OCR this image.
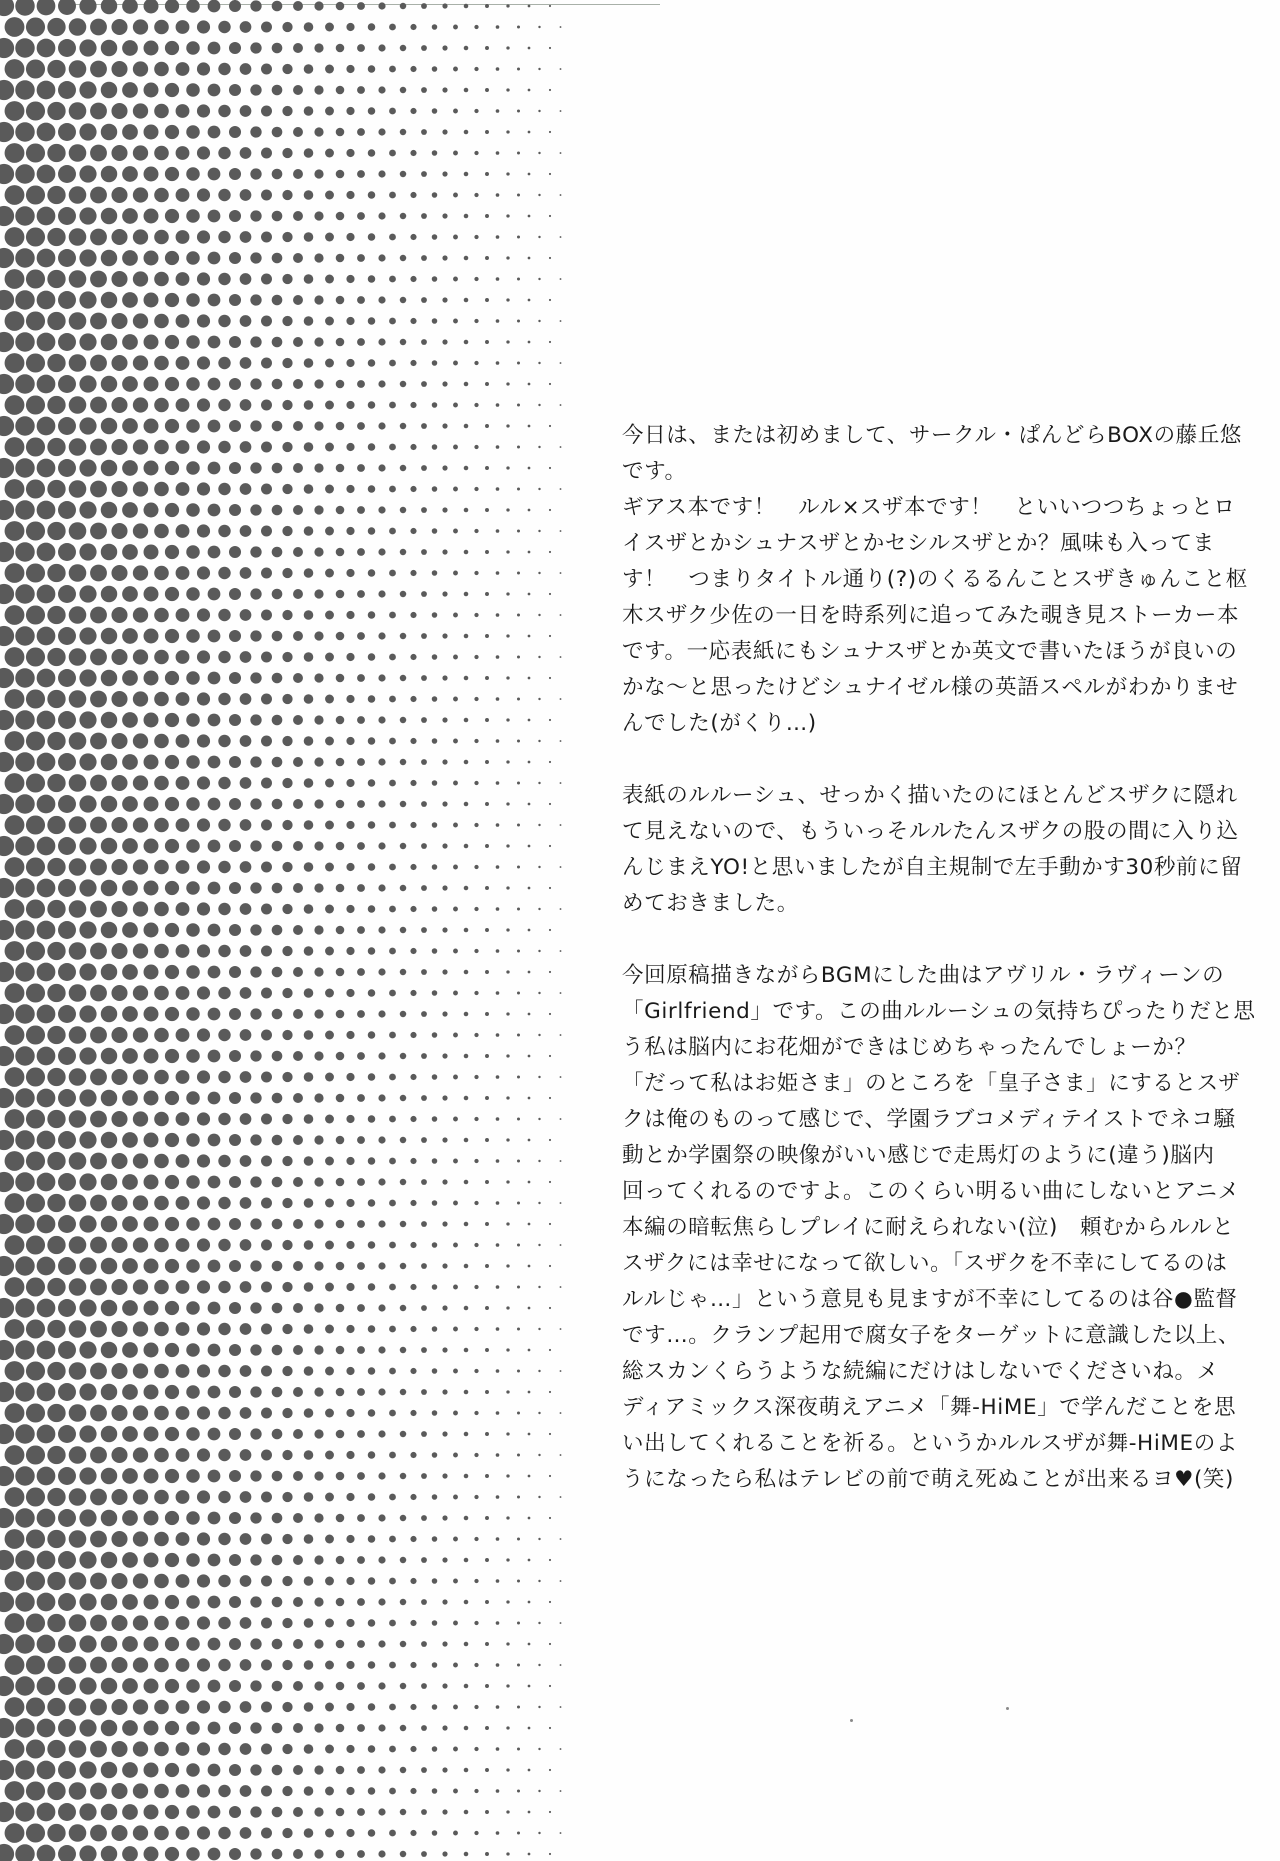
今日は、または初めまして、サークル・ぱんどらBOXの藤丘悠
です。
ギアス本です！　ルル×スザ本です！　といいつつちょっとロ
イスザとかシュナスザとかセシルスザとか？風味も入ってま
す！　つまりタイトル通り(?)のくるるんことスザきゅんこと枢
木スザク少佐の一日を時系列に追ってみた覗き見ストーカー本
です。一応表紙にもシュナスザとか英文で書いたほうが良いの
かな～と思ったけどシュナイゼル様の英語スペルがわかりませ
んでした(がくり…)
表紙のルルーシュ、せっかく描いたのにほとんどスザクに隠れ
て見えないので、もういっそルルたんスザクの股の間に入り込
んじまえYO!と思いましたが自主規制で左手動かす30秒前に留
めておきました。
今回原稿描きながらBGMにした曲はアヴリル・ラヴィーンの
「Girlfriend」です。この曲ルルーシュの気持ちぴったりだと思
う私は脳内にお花畑ができはじめちゃったんでしょーか？
「だって私はお姫さま」のところを「皇子さま」にするとスザ
クは俺のものって感じで、学園ラブコメディテイストでネコ騒
動とか学園祭の映像がいい感じで走馬灯のように(違う)脳内
回ってくれるのですよ。このくらい明るい曲にしないとアニメ
本編の暗転焦らしプレイに耐えられない(泣)　頼むからルルと
スザクには幸せになって欲しい。「スザクを不幸にしてるのは
ルルじゃ…」という意見も見ますが不幸にしてるのは谷●監督
です…。クランプ起用で腐女子をターゲットに意識した以上、
総スカンくらうような続編にだけはしないでくださいね。メ
ディアミックス深夜萌えアニメ「舞-HiME」で学んだことを思
い出してくれることを祈る。というかルルスザが舞-HiMEのよ
うになったら私はテレビの前で萌え死ぬことが出来るヨ♥(笑)
